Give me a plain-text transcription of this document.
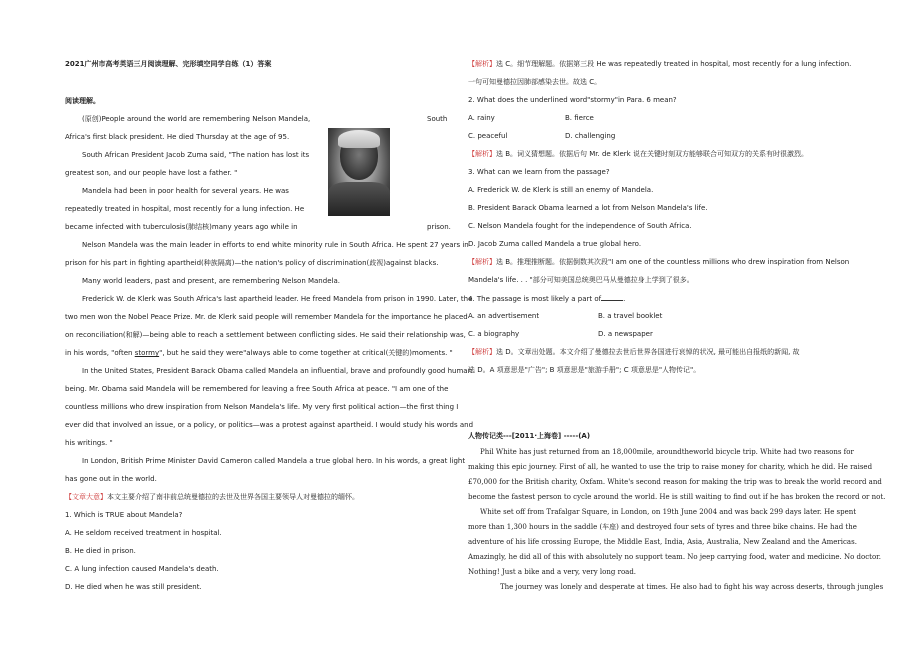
2021广州市高考英语三月阅读理解、完形填空同学自练（1）答案
阅读理解。
(原创)People around the world are remembering Nelson Mandela,	South
Africa's first black president. He died Thursday at the age of 95.
South African President Jacob Zuma said, "The nation has lost its
greatest son, and our people have lost a father. "
Mandela had been in poor health for several years. He was
repeatedly treated in hospital, most recently for a lung infection. He
became infected with tuberculosis(肺结核)many years ago while in	prison.
Nelson Mandela was the main leader in efforts to end white minority rule in South Africa. He spent 27 years in
prison for his part in fighting apartheid(种族隔离)—the nation's policy of discrimination(歧视)against blacks.
Many world leaders, past and present, are remembering Nelson Mandela.
Frederick W. de Klerk was South Africa's last apartheid leader. He freed Mandela from prison in 1990. Later, the
two men won the Nobel Peace Prize. Mr. de Klerk said people will remember Mandela for the importance he placed
on reconciliation(和解)—being able to reach a settlement between conflicting sides. He said their relationship was,
in his words, "often stormy", but he said they were"always able to come together at critical(关键的)moments. "
In the United States, President Barack Obama called Mandela an influential, brave and profoundly good human
being. Mr. Obama said Mandela will be remembered for leaving a free South Africa at peace. "I am one of the
countless millions who drew inspiration from Nelson Mandela's life. My very first political action—the first thing I
ever did that involved an issue, or a policy, or politics—was a protest against apartheid. I would study his words and
his writings. "
In London, British Prime Minister David Cameron called Mandela a true global hero. In his words, a great light
has gone out in the world.
【文章大意】本文主要介绍了南非前总统曼德拉的去世及世界各国主要领导人对曼德拉的缅怀。
1. Which is TRUE about Mandela?
A. He seldom received treatment in hospital.
B. He died in prison.
C. A lung infection caused Mandela's death.
D. He died when he was still president.
【解析】选 C。细节理解题。依据第三段 He was repeatedly treated in hospital, most recently for a lung infection.
一句可知曼德拉因肺部感染去世。故选 C。
2. What does the underlined word"stormy"in Para. 6 mean?
A. rainy	B. fierce
C. peaceful	D. challenging
【解析】选 B。词义猜想题。依据后句 Mr. de Klerk 说在关键时刻双方能够联合可知双方的关系有时很激烈。
3. What can we learn from the passage?
A. Frederick W. de Klerk is still an enemy of Mandela.
B. President Barack Obama learned a lot from Nelson Mandela's life.
C. Nelson Mandela fought for the independence of South Africa.
D. Jacob Zuma called Mandela a true global hero.
【解析】选 B。推理推断题。依据倒数其次段"I am one of the countless millions who drew inspiration from Nelson
Mandela's life. . . "部分可知美国总统奥巴马从曼德拉身上学到了很多。
4. The passage is most likely a part of	.
A. an advertisement	B. a travel booklet
C. a biography	D. a newspaper
【解析】选 D。文章出处题。本文介绍了曼德拉去世后世界各国进行哀悼的状况, 最可能出自报纸的新闻, 故
选 D。A 项意思是"广告"; B 项意思是"旅游手册"; C 项意思是"人物传记"。
人物传记类---[2011·上海卷] -----(A)
Phil White has just returned from an 18,000mile, aroundtheworld bicycle trip. White had two reasons for
making this epic journey. First of all, he wanted to use the trip to raise money for charity, which he did. He raised
£70,000 for the British charity, Oxfam. White's second reason for making the trip was to break the world record and
become the fastest person to cycle around the world. He is still waiting to find out if he has broken the record or not.
White set off from Trafalgar Square, in London, on 19th June 2004 and was back 299 days later. He spent
more than 1,300 hours in the saddle (车座) and destroyed four sets of tyres and three bike chains. He had the
adventure of his life crossing Europe, the Middle East, India, Asia, Australia, New Zealand and the Americas.
Amazingly, he did all of this with absolutely no support team. No jeep carrying food, water and medicine. No doctor.
Nothing! Just a bike and a very, very long road.
The journey was lonely and desperate at times. He also had to fight his way across deserts, through jungles
